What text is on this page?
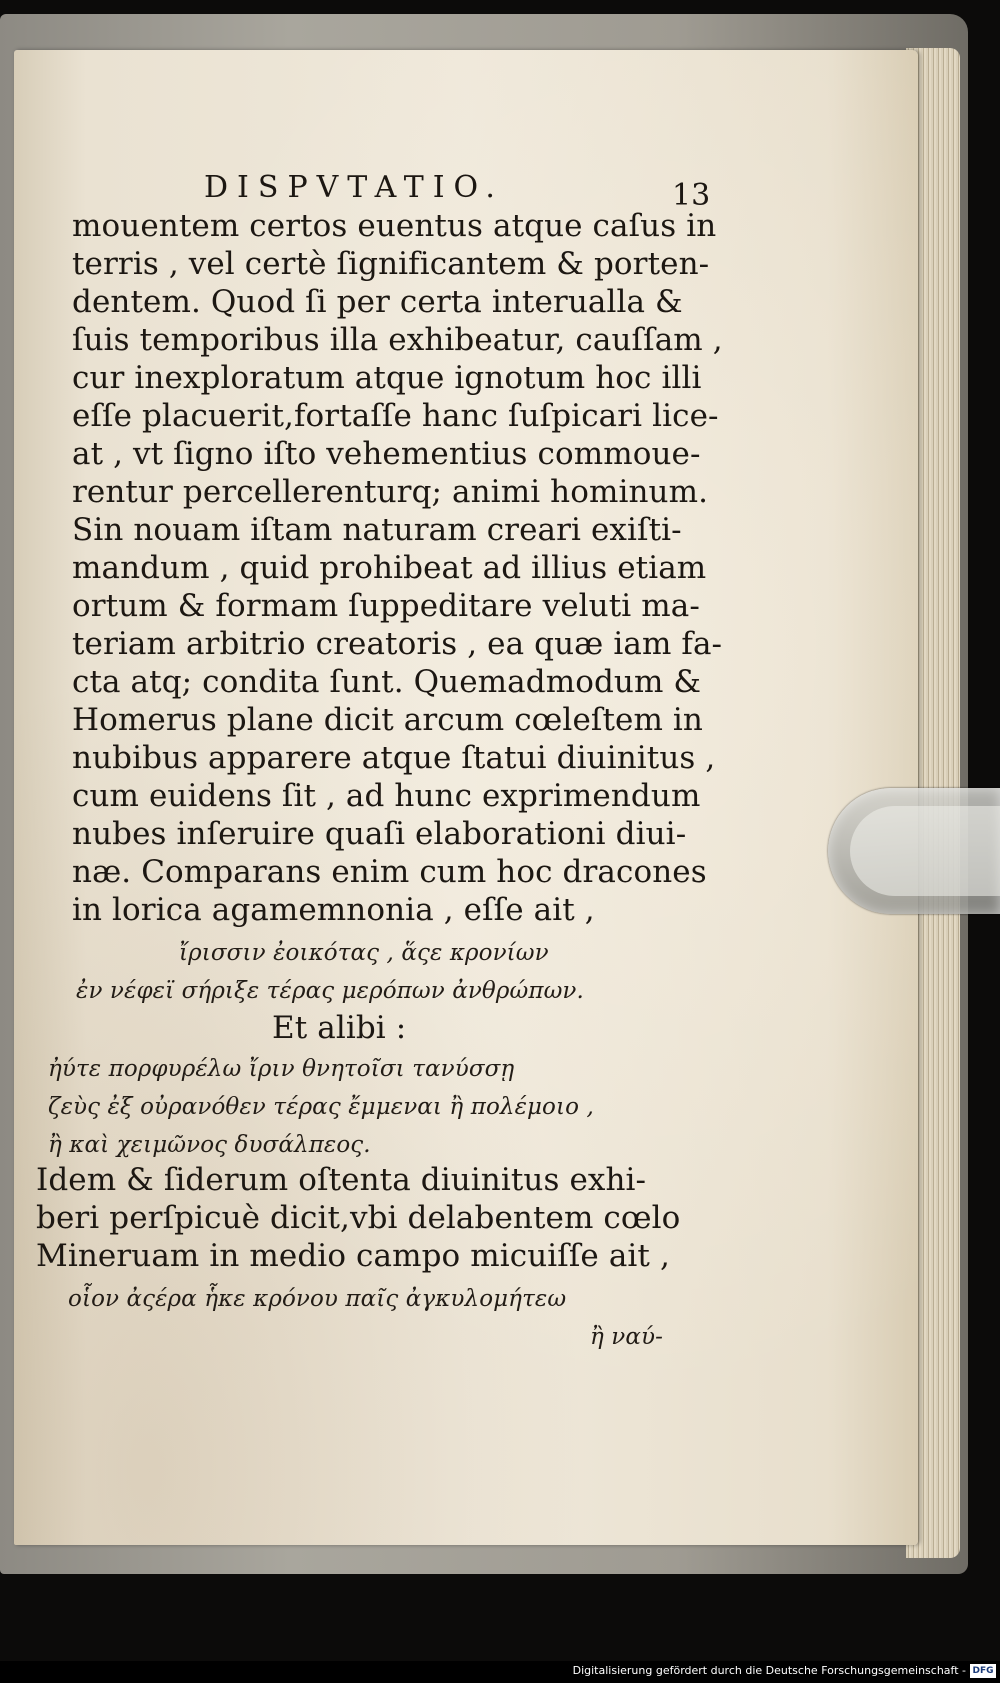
DISPVTATIO.	13
mouentem certos euentus atque caſus in
terris , vel certè ſignificantem & porten-
dentem. Quod ſi per certa interualla &
ſuis temporibus illa exhibeatur, cauſſam ,
cur inexploratum atque ignotum hoc illi
eſſe placuerit,fortaſſe hanc ſuſpicari lice-
at , vt ſigno iſto vehementius commoue-
rentur percellerenturq; animi hominum.
Sin nouam iſtam naturam creari exiſti-
mandum , quid prohibeat ad illius etiam
ortum & formam ſuppeditare veluti ma-
teriam arbitrio creatoris , ea quæ iam fa-
cta atq; condita ſunt. Quemadmodum &
Homerus plane dicit arcum cœleſtem in
nubibus apparere atque ſtatui diuinitus ,
cum euidens ſit , ad hunc exprimendum
nubes inſeruire quaſi elaborationi diui-
næ. Comparans enim cum hoc dracones
in lorica agamemnonia , eſſe ait ,
ἴρισσιν ἐοικότας , ἅςε κρονίων
ἐν νέφεϊ σήριξε τέρας μερόπων ἀνθρώπων.
Et alibi :
ἠύτε πορφυρέλω ἴριν θνητοῖσι τανύσσῃ
ζεὺς ἐξ οὐρανόθεν τέρας ἔμμεναι ἢ πολέμοιο ,
ἢ καὶ χειμῶνος δυσάλπεος.
Idem & ſiderum oſtenta diuinitus exhi-
beri perſpicuè dicit,vbi delabentem cœlo
Mineruam in medio campo micuiſſe ait ,
οἷον ἀςέρα ἧκε κρόνου παῖς ἀγκυλομήτεω
ἢ ναύ-
Digitalisierung gefördert durch die Deutsche Forschungsgemeinschaft - DFG
